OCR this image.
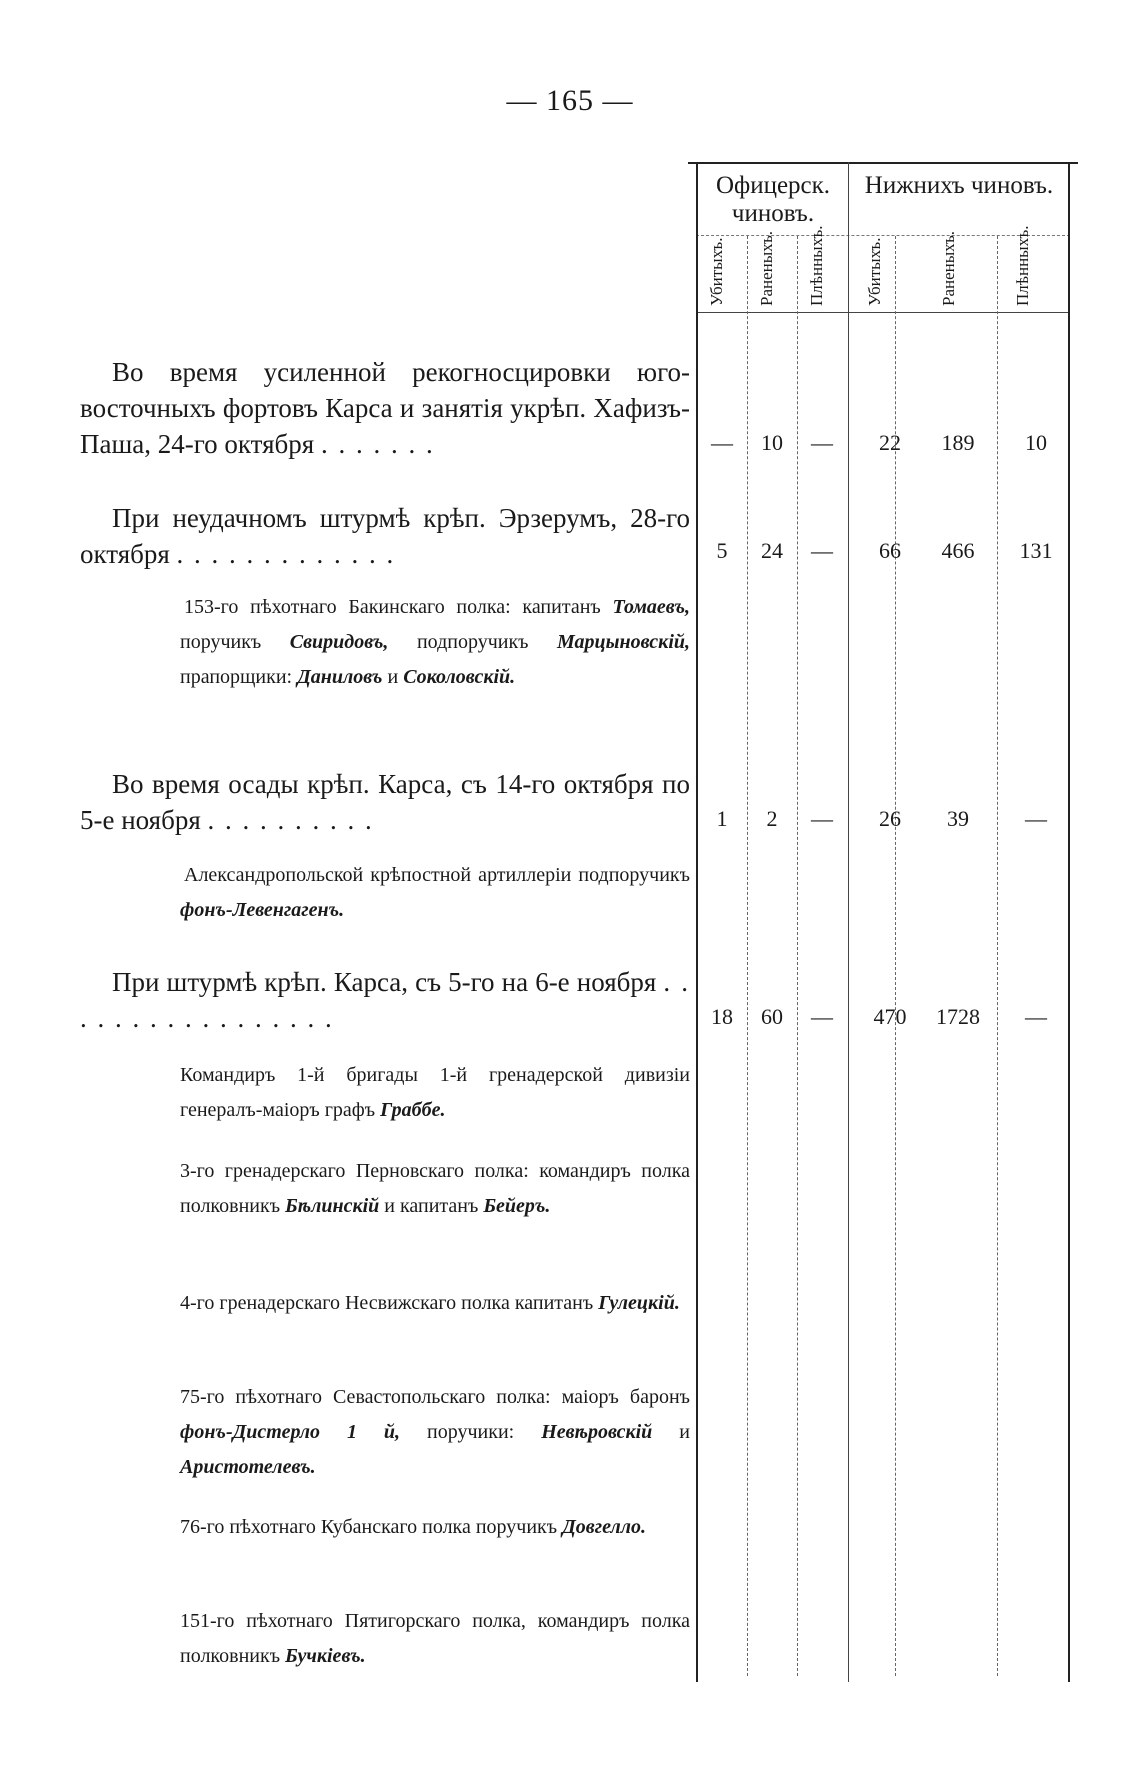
— 165 —
Офицерск. чиновъ.
Нижнихъ чиновъ.
Убитыхъ. Раненыхъ. Плѣнныхъ. Убитыхъ.	Раненыхъ.	Плѣнныхъ.
Во время усиленной рекогносцировки юго-восточныхъ фортовъ Карса и занятія укрѣп. Хафизъ-Паша, 24-го октября . . . . . . .	—	10	—	22	189	10
При неудачномъ штурмѣ крѣп. Эрзерумъ, 28-го октября . . . . . . . . . . . . .	5	24	—	66	466	131
153-го пѣхотнаго Бакинскаго полка: капитанъ Томаевъ, поручикъ Свиридовъ, подпоручикъ Марцыновскій, прапорщики: Даниловъ и Соколовскій.
Во время осады крѣп. Карса, съ 14-го октября по 5-е ноября . . . . . . . . . .	1	2	—	26	39	—
Александропольской крѣпостной артиллеріи подпоручикъ фонъ-Левенгагенъ.
При штурмѣ крѣп. Карса, съ 5-го на 6-е ноября . . . . . . . . . . . . . . . . .	18	60	—	470	1728	—
Командиръ 1-й бригады 1-й гренадерской дивизіи генералъ-маіоръ графъ Граббе.
3-го гренадерскаго Перновскаго полка: командиръ полка полковникъ Бѣлинскій и капитанъ Бейеръ.
4-го гренадерскаго Несвижскаго полка капитанъ Гулецкій.
75-го пѣхотнаго Севастопольскаго полка: маіоръ баронъ фонъ-Дистерло 1 й, поручики: Невѣровскій и Аристотелевъ.
76-го пѣхотнаго Кубанскаго полка поручикъ Довгелло.
151-го пѣхотнаго Пятигорскаго полка, командиръ полка полковникъ Бучкіевъ.
